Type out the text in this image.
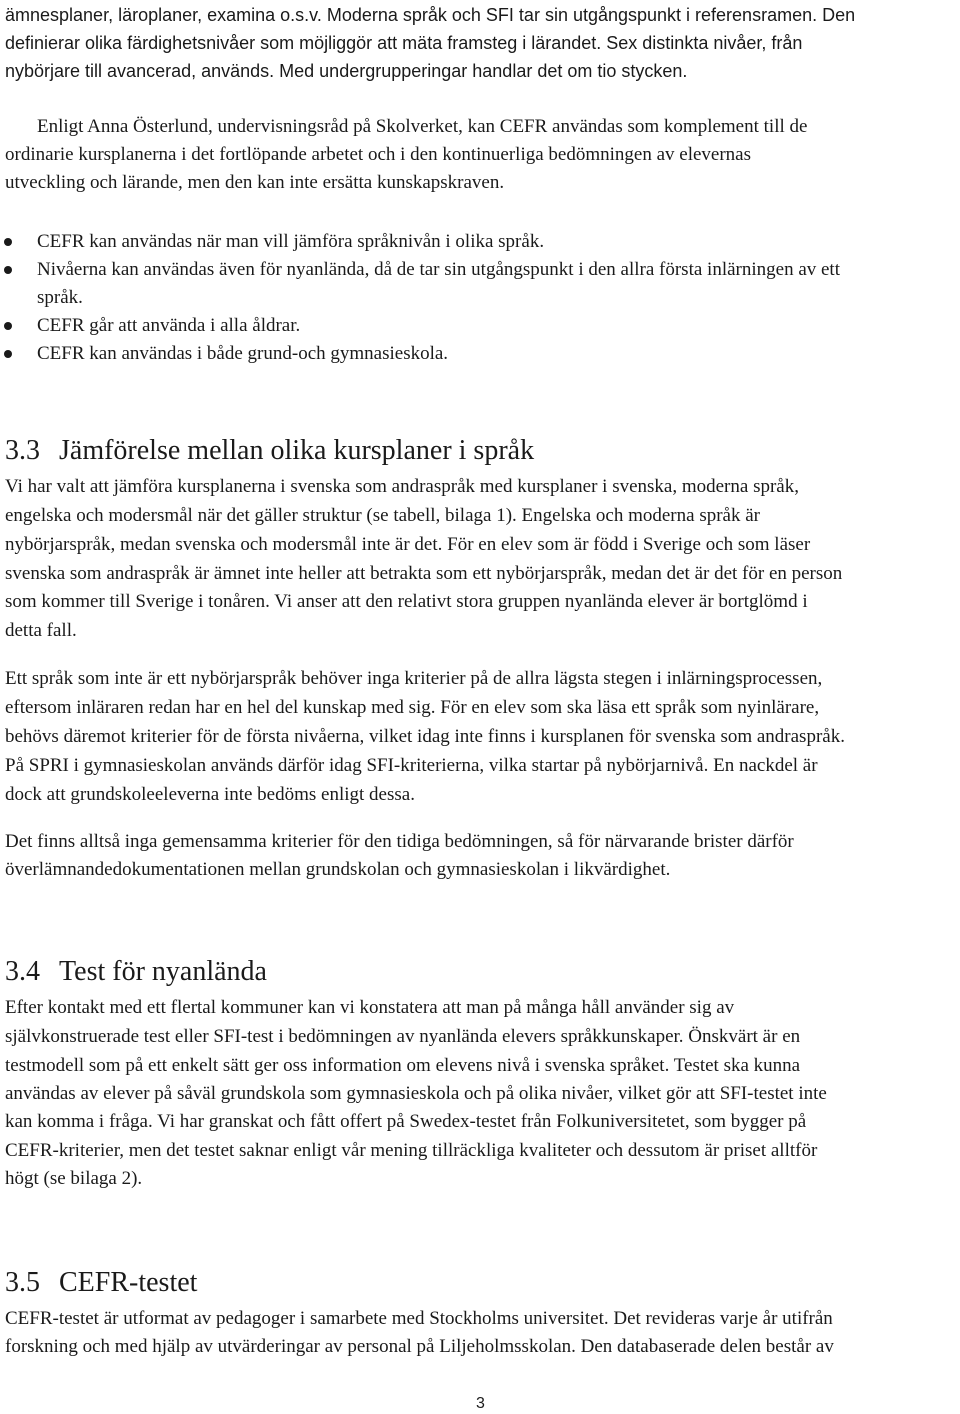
ämnesplaner, läroplaner, examina o.s.v. Moderna språk och SFI tar sin utgångspunkt i referensramen. Den
definierar olika färdighetsnivåer som möjliggör att mäta framsteg i lärandet. Sex distinkta nivåer, från
nybörjare till avancerad, används. Med undergrupperingar handlar det om tio stycken.
Enligt Anna Österlund, undervisningsråd på Skolverket, kan CEFR användas som komplement till de
ordinarie kursplanerna i det fortlöpande arbetet och i den kontinuerliga bedömningen av elevernas
utveckling och lärande, men den kan inte ersätta kunskapskraven.
CEFR kan användas när man vill jämföra språknivån i olika språk.
Nivåerna kan användas även för nyanlända, då de tar sin utgångspunkt i den allra första inlärningen av ett
språk.
CEFR går att använda i alla åldrar.
CEFR kan användas i både grund-och gymnasieskola.
3.3 Jämförelse mellan olika kursplaner i språk
Vi har valt att jämföra kursplanerna i svenska som andraspråk med kursplaner i svenska, moderna språk,
engelska och modersmål när det gäller struktur (se tabell, bilaga 1). Engelska och moderna språk är
nybörjarspråk, medan svenska och modersmål inte är det. För en elev som är född i Sverige och som läser
svenska som andraspråk är ämnet inte heller att betrakta som ett nybörjarspråk, medan det är det för en person
som kommer till Sverige i tonåren. Vi anser att den relativt stora gruppen nyanlända elever är bortglömd i
detta fall.
Ett språk som inte är ett nybörjarspråk behöver inga kriterier på de allra lägsta stegen i inlärningsprocessen,
eftersom inläraren redan har en hel del kunskap med sig. För en elev som ska läsa ett språk som nyinlärare,
behövs däremot kriterier för de första nivåerna, vilket idag inte finns i kursplanen för svenska som andraspråk.
På SPRI i gymnasieskolan används därför idag SFI-kriterierna, vilka startar på nybörjarnivå. En nackdel är
dock att grundskoleeleverna inte bedöms enligt dessa.
Det finns alltså inga gemensamma kriterier för den tidiga bedömningen, så för närvarande brister därför
överlämnandedokumentationen mellan grundskolan och gymnasieskolan i likvärdighet.
3.4 Test för nyanlända
Efter kontakt med ett flertal kommuner kan vi konstatera att man på många håll använder sig av
självkonstruerade test eller SFI-test i bedömningen av nyanlända elevers språkkunskaper. Önskvärt är en
testmodell som på ett enkelt sätt ger oss information om elevens nivå i svenska språket. Testet ska kunna
användas av elever på såväl grundskola som gymnasieskola och på olika nivåer, vilket gör att SFI-testet inte
kan komma i fråga. Vi har granskat och fått offert på Swedex-testet från Folkuniversitetet, som bygger på
CEFR-kriterier, men det testet saknar enligt vår mening tillräckliga kvaliteter och dessutom är priset alltför
högt (se bilaga 2).
3.5 CEFR-testet
CEFR-testet är utformat av pedagoger i samarbete med Stockholms universitet. Det revideras varje år utifrån
forskning och med hjälp av utvärderingar av personal på Liljeholmsskolan. Den databaserade delen består av
3
